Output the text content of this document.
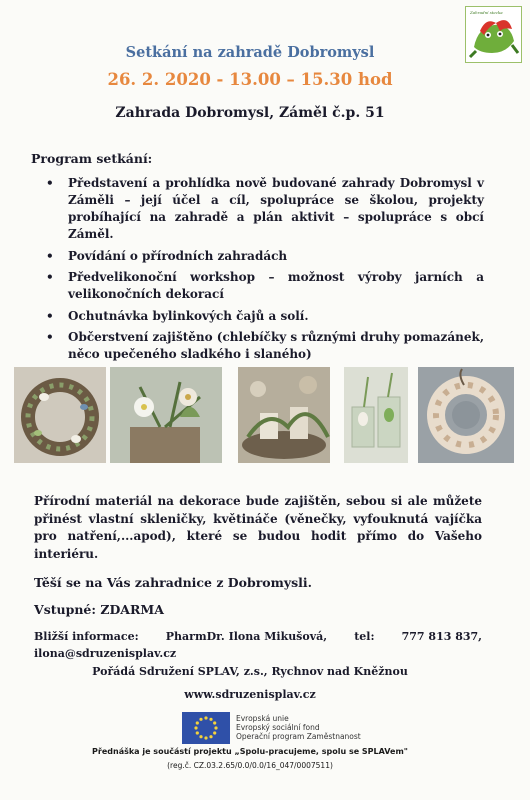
Zahradní stezka
Setkání na zahradě Dobromysl
26. 2. 2020 - 13.00 – 15.30 hod
Zahrada Dobromysl, Záměl č.p. 51
Program setkání:
• Představení a prohlídka nově budované zahrady Dobromysl v Záměli – její účel a cíl, spolupráce se školou, projekty probíhající na zahradě a plán aktivit – spolupráce s obcí Záměl.
• Povídání o přírodních zahradách
• Předvelikonoční workshop – možnost výroby jarních a velikonočních dekorací
• Ochutnávka bylinkových čajů a solí.
• Občerstvení zajištěno (chlebíčky s různými druhy pomazánek, něco upečeného sladkého i slaného)
Přírodní materiál na dekorace bude zajištěn, sebou si ale můžete přinést vlastní skleničky, květináče (věnečky, vyfouknutá vajíčka pro natření,...apod), které se budou hodit přímo do Vašeho interiéru.
Těší se na Vás zahradnice z Dobromysli.
Vstupné: ZDARMA
Bližší informace: PharmDr. Ilona Mikušová, tel: 777 813 837,
ilona@sdruzenisplav.cz
Pořádá Sdružení SPLAV, z.s., Rychnov nad Kněžnou
www.sdruzenisplav.cz
Evropská unie
Evropský sociální fond
Operační program Zaměstnanost
Přednáška je součástí projektu „Spolu-pracujeme, spolu se SPLAVem"
(reg.č. CZ.03.2.65/0.0/0.0/16_047/0007511)
